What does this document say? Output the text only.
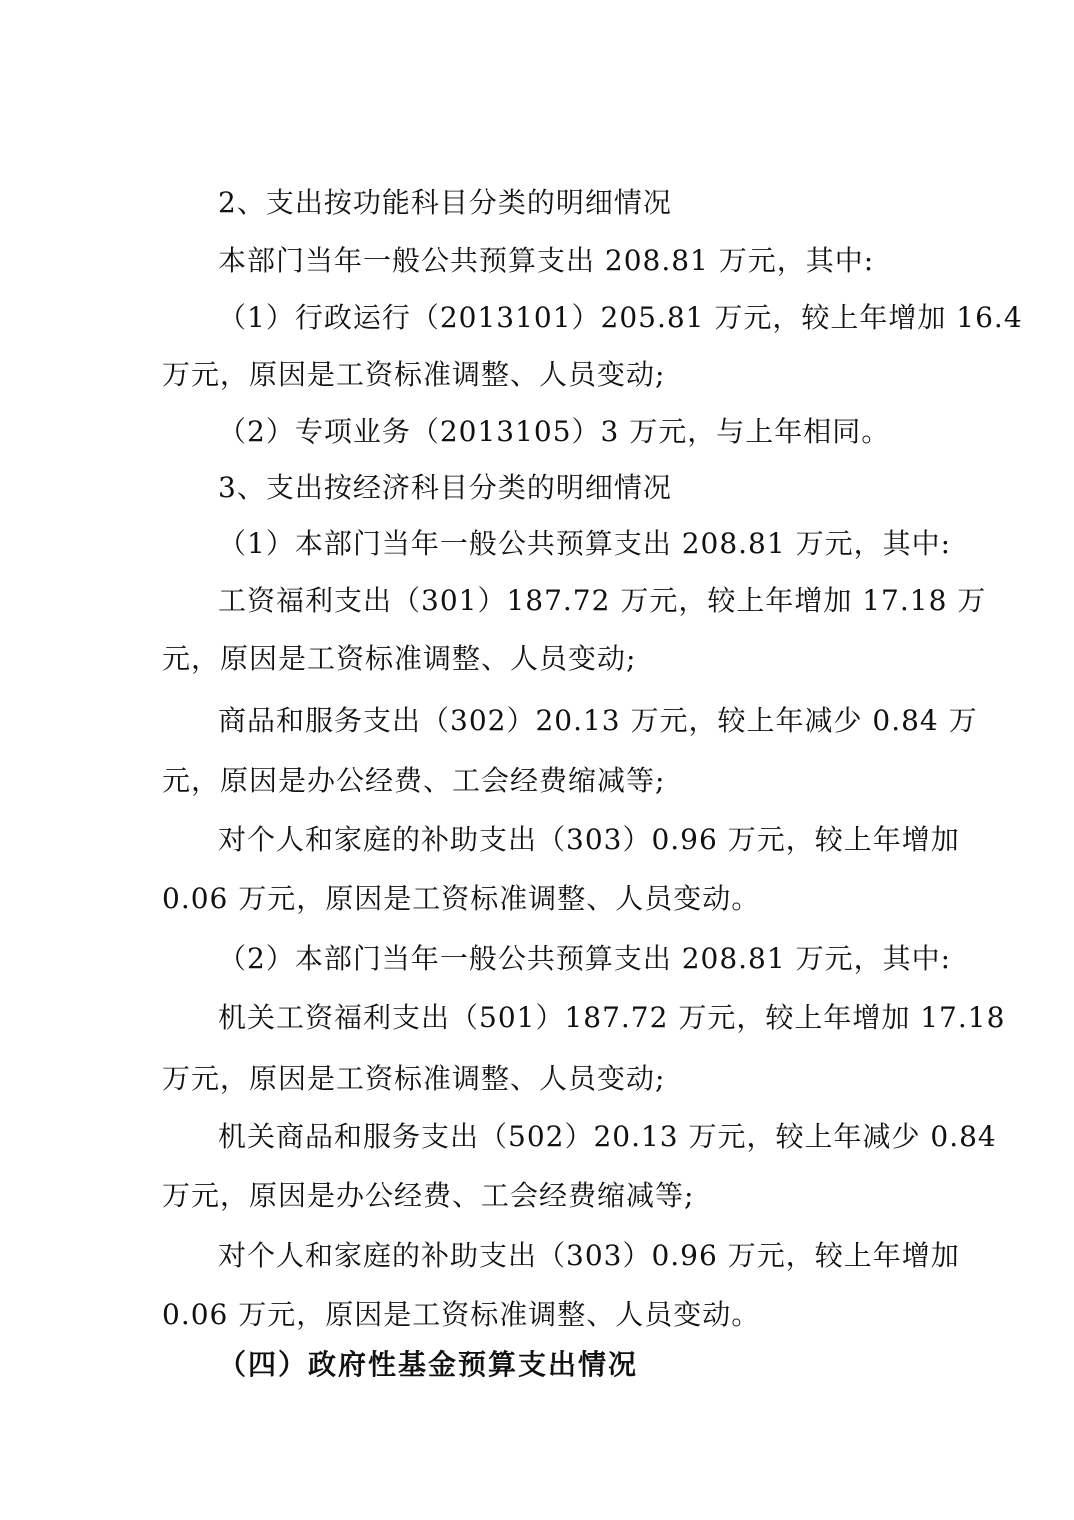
2、支出按功能科目分类的明细情况
本部门当年一般公共预算支出 208.81 万元，其中:
（1）行政运行（2013101）205.81 万元，较上年增加 16.4
万元，原因是工资标准调整、人员变动;
（2）专项业务（2013105）3 万元，与上年相同。
3、支出按经济科目分类的明细情况
（1）本部门当年一般公共预算支出 208.81 万元，其中:
工资福利支出（301）187.72 万元，较上年增加 17.18 万
元，原因是工资标准调整、人员变动;
商品和服务支出（302）20.13 万元，较上年减少 0.84 万
元，原因是办公经费、工会经费缩减等;
对个人和家庭的补助支出（303）0.96 万元，较上年增加
0.06 万元，原因是工资标准调整、人员变动。
（2）本部门当年一般公共预算支出 208.81 万元，其中:
机关工资福利支出（501）187.72 万元，较上年增加 17.18
万元，原因是工资标准调整、人员变动;
机关商品和服务支出（502）20.13 万元，较上年减少 0.84
万元，原因是办公经费、工会经费缩减等;
对个人和家庭的补助支出（303）0.96 万元，较上年增加
0.06 万元，原因是工资标准调整、人员变动。
（四）政府性基金预算支出情况
